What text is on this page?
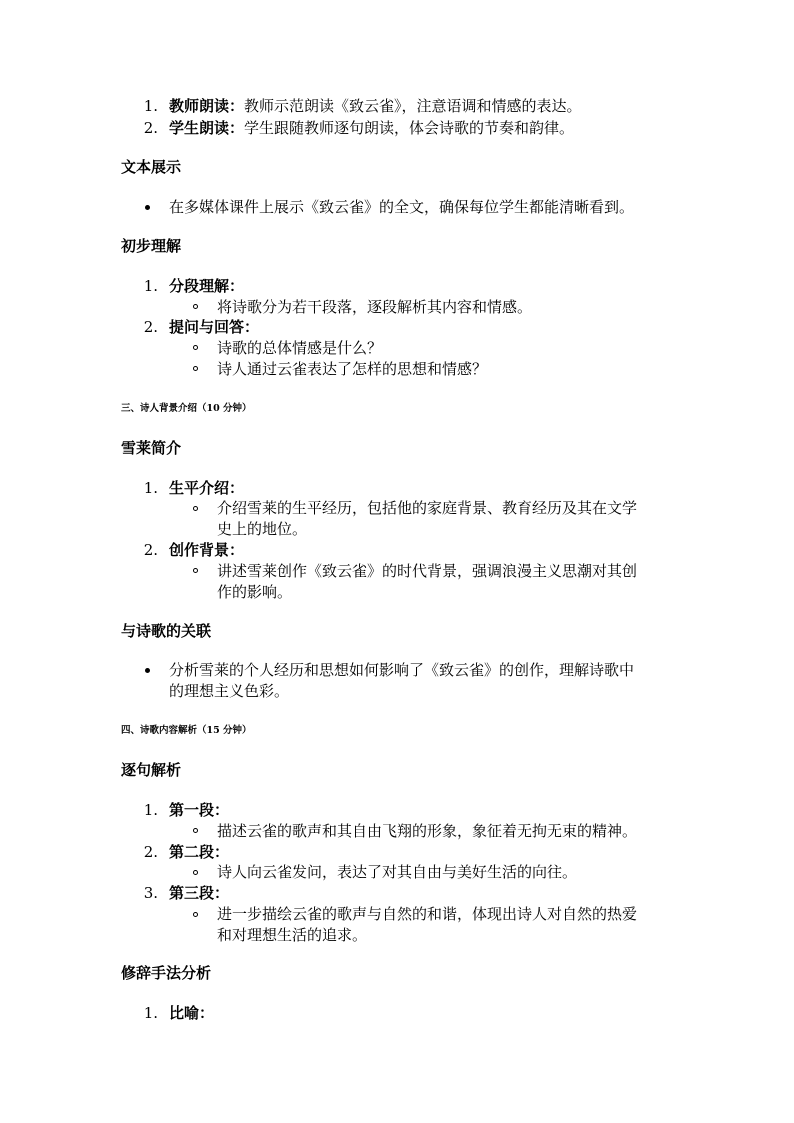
1. 教师朗读：教师示范朗读《致云雀》，注意语调和情感的表达。
2. 学生朗读：学生跟随教师逐句朗读，体会诗歌的节奏和韵律。
文本展示
在多媒体课件上展示《致云雀》的全文，确保每位学生都能清晰看到。
初步理解
1. 分段理解：
将诗歌分为若干段落，逐段解析其内容和情感。
2. 提问与回答：
诗歌的总体情感是什么？
诗人通过云雀表达了怎样的思想和情感？
三、诗人背景介绍（10 分钟）
雪莱简介
1. 生平介绍：
介绍雪莱的生平经历，包括他的家庭背景、教育经历及其在文学
史上的地位。
2. 创作背景：
讲述雪莱创作《致云雀》的时代背景，强调浪漫主义思潮对其创
作的影响。
与诗歌的关联
分析雪莱的个人经历和思想如何影响了《致云雀》的创作，理解诗歌中
的理想主义色彩。
四、诗歌内容解析（15 分钟）
逐句解析
1. 第一段：
描述云雀的歌声和其自由飞翔的形象，象征着无拘无束的精神。
2. 第二段：
诗人向云雀发问，表达了对其自由与美好生活的向往。
3. 第三段：
进一步描绘云雀的歌声与自然的和谐，体现出诗人对自然的热爱
和对理想生活的追求。
修辞手法分析
1. 比喻：
